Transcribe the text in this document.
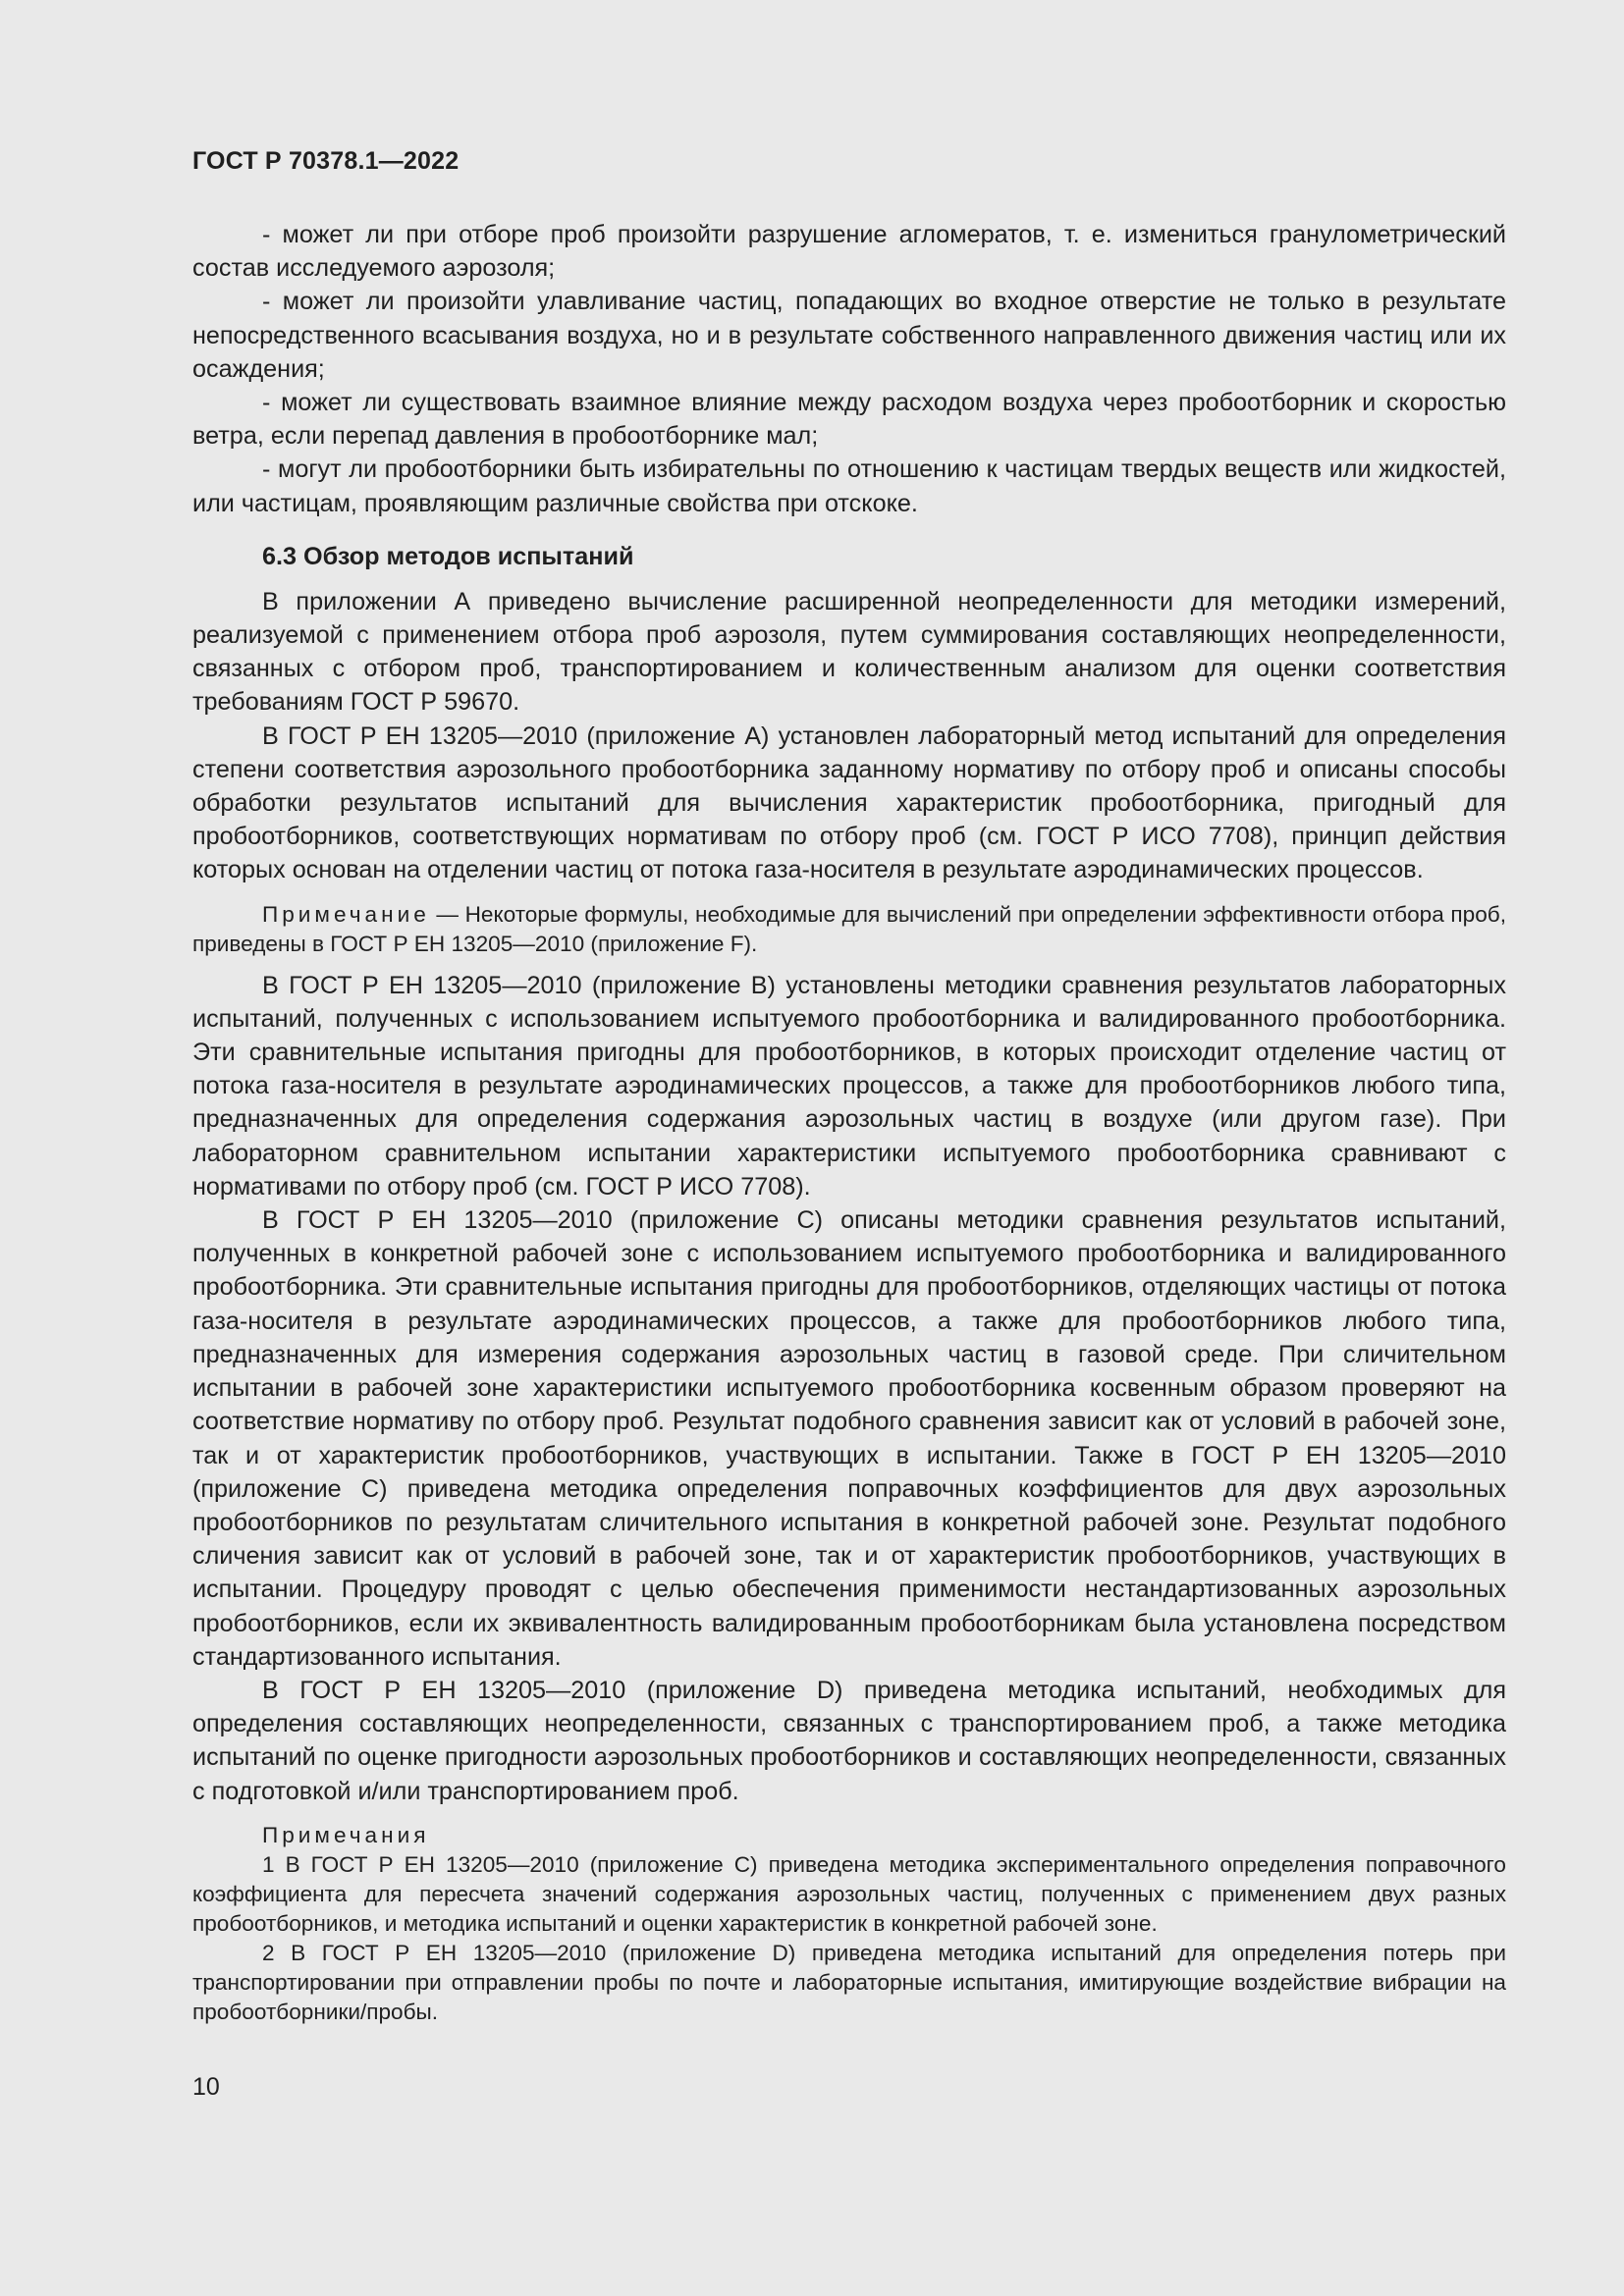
ГОСТ Р 70378.1—2022

- может ли при отборе проб произойти разрушение агломератов, т. е. измениться гранулометрический состав исследуемого аэрозоля;

- может ли произойти улавливание частиц, попадающих во входное отверстие не только в результате непосредственного всасывания воздуха, но и в результате собственного направленного движения частиц или их осаждения;

- может ли существовать взаимное влияние между расходом воздуха через пробоотборник и скоростью ветра, если перепад давления в пробоотборнике мал;

- могут ли пробоотборники быть избирательны по отношению к частицам твердых веществ или жидкостей, или частицам, проявляющим различные свойства при отскоке.

6.3 Обзор методов испытаний

В приложении А приведено вычисление расширенной неопределенности для методики измерений, реализуемой с применением отбора проб аэрозоля, путем суммирования составляющих неопределенности, связанных с отбором проб, транспортированием и количественным анализом для оценки соответствия требованиям ГОСТ Р 59670.

В ГОСТ Р ЕН 13205—2010 (приложение А) установлен лабораторный метод испытаний для определения степени соответствия аэрозольного пробоотборника заданному нормативу по отбору проб и описаны способы обработки результатов испытаний для вычисления характеристик пробоотборника, пригодный для пробоотборников, соответствующих нормативам по отбору проб (см. ГОСТ Р ИСО 7708), принцип действия которых основан на отделении частиц от потока газа-носителя в результате аэродинамических процессов.

Примечание — Некоторые формулы, необходимые для вычислений при определении эффективности отбора проб, приведены в ГОСТ Р ЕН 13205—2010 (приложение F).

В ГОСТ Р ЕН 13205—2010 (приложение В) установлены методики сравнения результатов лабораторных испытаний, полученных с использованием испытуемого пробоотборника и валидированного пробоотборника. Эти сравнительные испытания пригодны для пробоотборников, в которых происходит отделение частиц от потока газа-носителя в результате аэродинамических процессов, а также для пробоотборников любого типа, предназначенных для определения содержания аэрозольных частиц в воздухе (или другом газе). При лабораторном сравнительном испытании характеристики испытуемого пробоотборника сравнивают с нормативами по отбору проб (см. ГОСТ Р ИСО 7708).

В ГОСТ Р ЕН 13205—2010 (приложение С) описаны методики сравнения результатов испытаний, полученных в конкретной рабочей зоне с использованием испытуемого пробоотборника и валидированного пробоотборника. Эти сравнительные испытания пригодны для пробоотборников, отделяющих частицы от потока газа-носителя в результате аэродинамических процессов, а также для пробоотборников любого типа, предназначенных для измерения содержания аэрозольных частиц в газовой среде. При сличительном испытании в рабочей зоне характеристики испытуемого пробоотборника косвенным образом проверяют на соответствие нормативу по отбору проб. Результат подобного сравнения зависит как от условий в рабочей зоне, так и от характеристик пробоотборников, участвующих в испытании. Также в ГОСТ Р ЕН 13205—2010 (приложение С) приведена методика определения поправочных коэффициентов для двух аэрозольных пробоотборников по результатам сличительного испытания в конкретной рабочей зоне. Результат подобного сличения зависит как от условий в рабочей зоне, так и от характеристик пробоотборников, участвующих в испытании. Процедуру проводят с целью обеспечения применимости нестандартизованных аэрозольных пробоотборников, если их эквивалентность валидированным пробоотборникам была установлена посредством стандартизованного испытания.

В ГОСТ Р ЕН 13205—2010 (приложение D) приведена методика испытаний, необходимых для определения составляющих неопределенности, связанных с транспортированием проб, а также методика испытаний по оценке пригодности аэрозольных пробоотборников и составляющих неопределенности, связанных с подготовкой и/или транспортированием проб.

Примечания

1 В ГОСТ Р ЕН 13205—2010 (приложение С) приведена методика экспериментального определения поправочного коэффициента для пересчета значений содержания аэрозольных частиц, полученных с применением двух разных пробоотборников, и методика испытаний и оценки характеристик в конкретной рабочей зоне.

2 В ГОСТ Р ЕН 13205—2010 (приложение D) приведена методика испытаний для определения потерь при транспортировании при отправлении пробы по почте и лабораторные испытания, имитирующие воздействие вибрации на пробоотборники/пробы.

10
